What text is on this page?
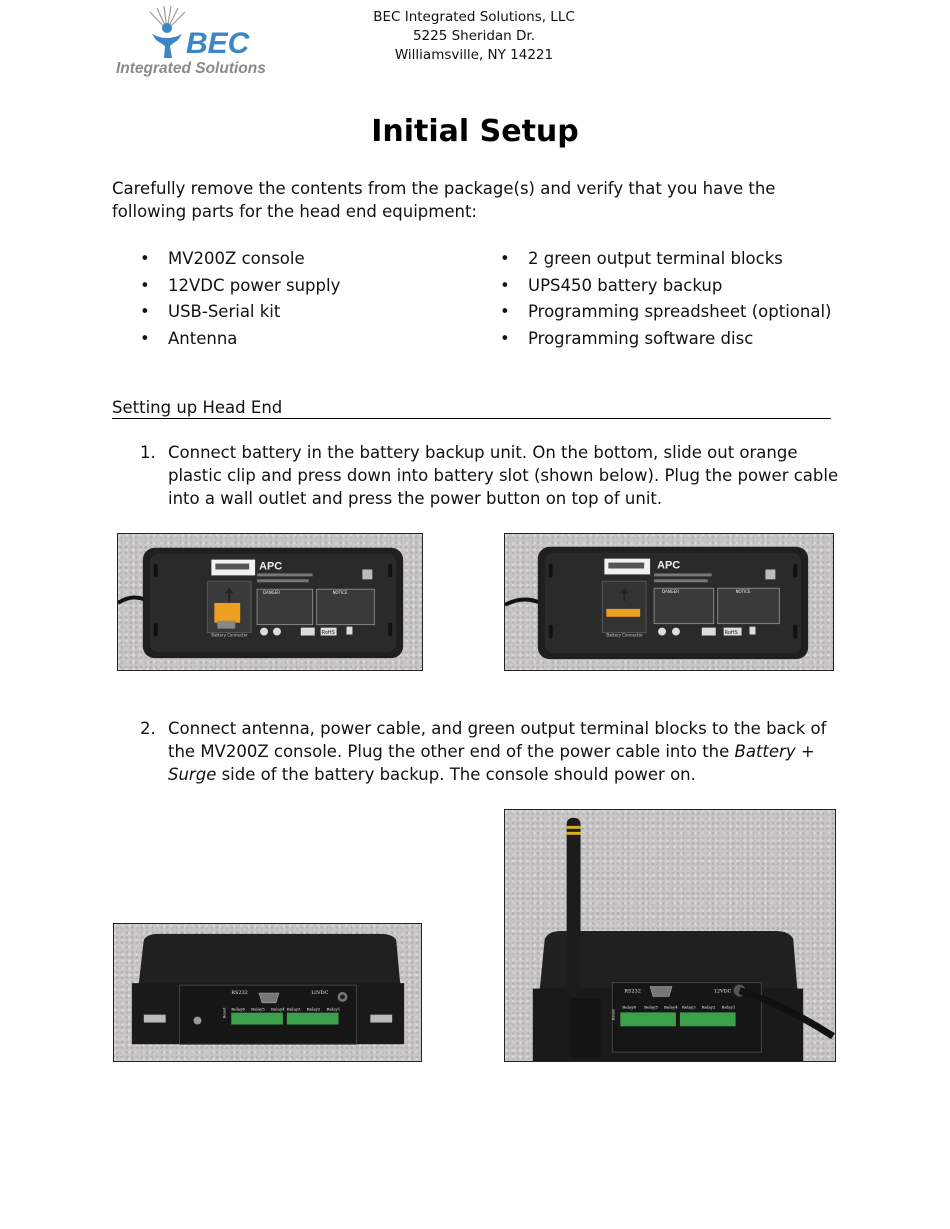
BEC
Integrated Solutions
BEC Integrated Solutions, LLC
5225 Sheridan Dr.
Williamsville, NY 14221
Initial Setup
Carefully remove the contents from the package(s) and verify that you have the following parts for the head end equipment:
• MV200Z console
• 12VDC power supply
• USB-Serial kit
• Antenna
• 2 green output terminal blocks
• UPS450 battery backup
• Programming spreadsheet (optional)
• Programming software disc
Setting up Head End
1. Connect battery in the battery backup unit. On the bottom, slide out orange plastic clip and press down into battery slot (shown below). Plug the power cable into a wall outlet and press the power button on top of unit.
Battery Connector
APC
DANGER	NOTICE
RoHS	Battery Connector
APC
DANGER	NOTICE
RoHS
2. Connect antenna, power cable, and green output terminal blocks to the back of the MV200Z console. Plug the other end of the power cable into the Battery + Surge side of the battery backup. The console should power on.
RS232	12VDC
Reset Relay6 Relay5 Relay4 Relay3 Relay2 Relay1
RS232	12VDC
Reset
Relay6 Relay5 Relay4 Relay3 Relay2 Relay1
